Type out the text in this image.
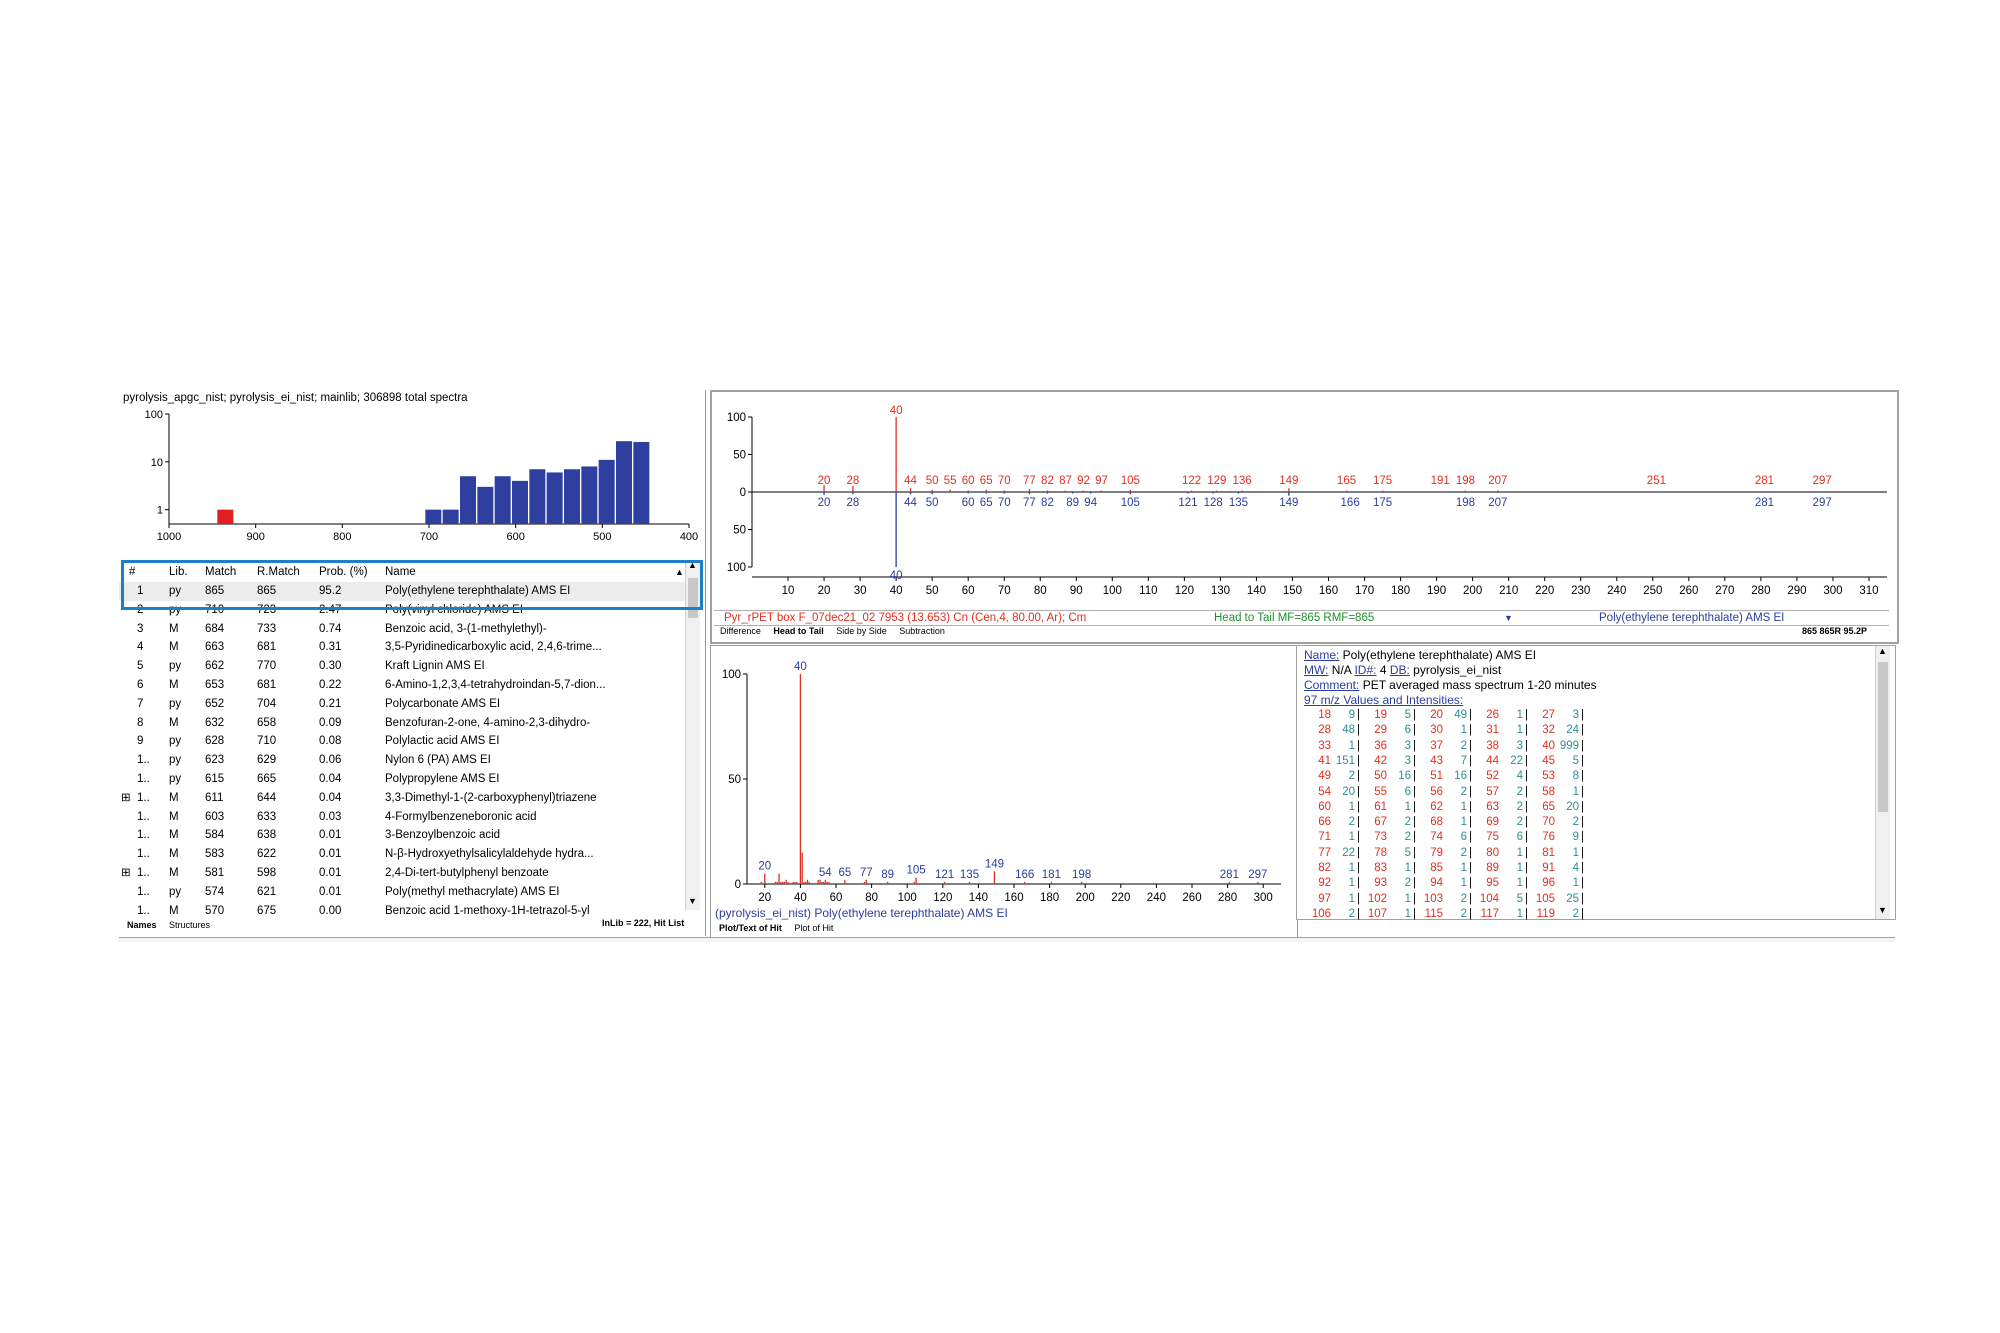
pyrolysis_apgc_nist; pyrolysis_ei_nist; mainlib; 306898 total spectra
100
10
1
1000	900	800	700	600	500	400
#	Lib. Match R.Match Prob. (%) Name	▲
1 py 865	865	95.2	Poly(ethylene terephthalate) AMS EI
2 py 710	723	2.47	Poly(vinyl chloride) AMS EI
3 M 684	733	0.74	Benzoic acid, 3-(1-methylethyl)-
4 M 663	681	0.31	3,5-Pyridinedicarboxylic acid, 2,4,6-trime...
5 py 662	770	0.30	Kraft Lignin AMS EI
6 M 653	681	0.22	6-Amino-1,2,3,4-tetrahydroindan-5,7-dion...
7 py 652	704	0.21	Polycarbonate AMS EI
8 M 632	658	0.09	Benzofuran-2-one, 4-amino-2,3-dihydro-
9 py 628	710	0.08	Polylactic acid AMS EI
1.. py 623	629	0.06	Nylon 6 (PA) AMS EI
1.. py 615	665	0.04	Polypropylene AMS EI
1.. M 611	644	0.04	3,3-Dimethyl-1-(2-carboxyphenyl)triazene
⊞
1.. M 603	633	0.03	4-Formylbenzeneboronic acid
1.. M 584	638	0.01	3-Benzoylbenzoic acid
1.. M 583	622	0.01	N-β-Hydroxyethylsalicylaldehyde hydra...
1.. M 581	598	0.01	2,4-Di-tert-butylphenyl benzoate
⊞
1.. py 574	621	0.01	Poly(methyl methacrylate) AMS EI
1.. M 570	675	0.00	Benzoic acid 1-methoxy-1H-tetrazol-5-yl
▲
▼
Names Structures	InLib = 222, Hit List
100
50
0
50
100
10 20 30 40 50 60 70 80 90 100 110 120 130 140 150 160 170 180 190 200 210 220 230 240 250 260 270 280 290 300 310
20 28
40
44 50 55 60 65 70 77 82 87 92 97 105	122 129 136 149	165 175	191 198 207	251	281	297
20 28
40
44 50 60 65 70 77 82 89 94 105	121 128 135	149	166 175	198 207	281	297
Pyr_rPET box F_07dec21_02 7953 (13.653) Cn (Cen,4, 80.00, Ar); Cm	Head to Tail MF=865 RMF=865	▼	Poly(ethylene terephthalate) AMS EI
Difference Head to Tail Side by Side Subtraction	865 865R 95.2P
100
50
0
20 40 60 80 100 120 140 160 180 200 220 240 260 280 300
20
40
54 65 77 89 105 121 135
149
166 181 198	281 297
(pyrolysis_ei_nist) Poly(ethylene terephthalate) AMS EI
Plot/Text of Hit Plot of Hit
Name: Poly(ethylene terephthalate) AMS EI
MW: N/A ID#: 4 DB: pyrolysis_ei_nist
Comment: PET averaged mass spectrum 1-20 minutes
97 m/z Values and Intensities:
18	9 |	19	5 |	20 49 |	26	1 |	27	3 |
28 48 |	29	6 |	30	1 |	31	1 |	32 24 |
33	1 |	36	3 |	37	2 |	38	3 |	40 999 |
41 151 |	42	3 |	43	7 |	44 22 |	45	5 |
49	2 |	50 16 |	51 16 |	52	4 |	53	8 |
54 20 |	55	6 |	56	2 |	57	2 |	58	1 |
60	1 |	61	1 |	62	1 |	63	2 |	65 20 |
66	2 |	67	2 |	68	1 |	69	2 |	70	2 |
71	1 |	73	2 |	74	6 |	75	6 |	76	9 |
77 22 |	78	5 |	79	2 |	80	1 |	81	1 |
82	1 |	83	1 |	85	1 |	89	1 |	91	4 |
92	1 |	93	2 |	94	1 |	95	1 |	96	1 |
97	1 | 102	1 | 103	2 | 104	5 | 105 25 |
106	2 | 107	1 | 115	2 | 117	1 | 119	2 |
▲
▼
